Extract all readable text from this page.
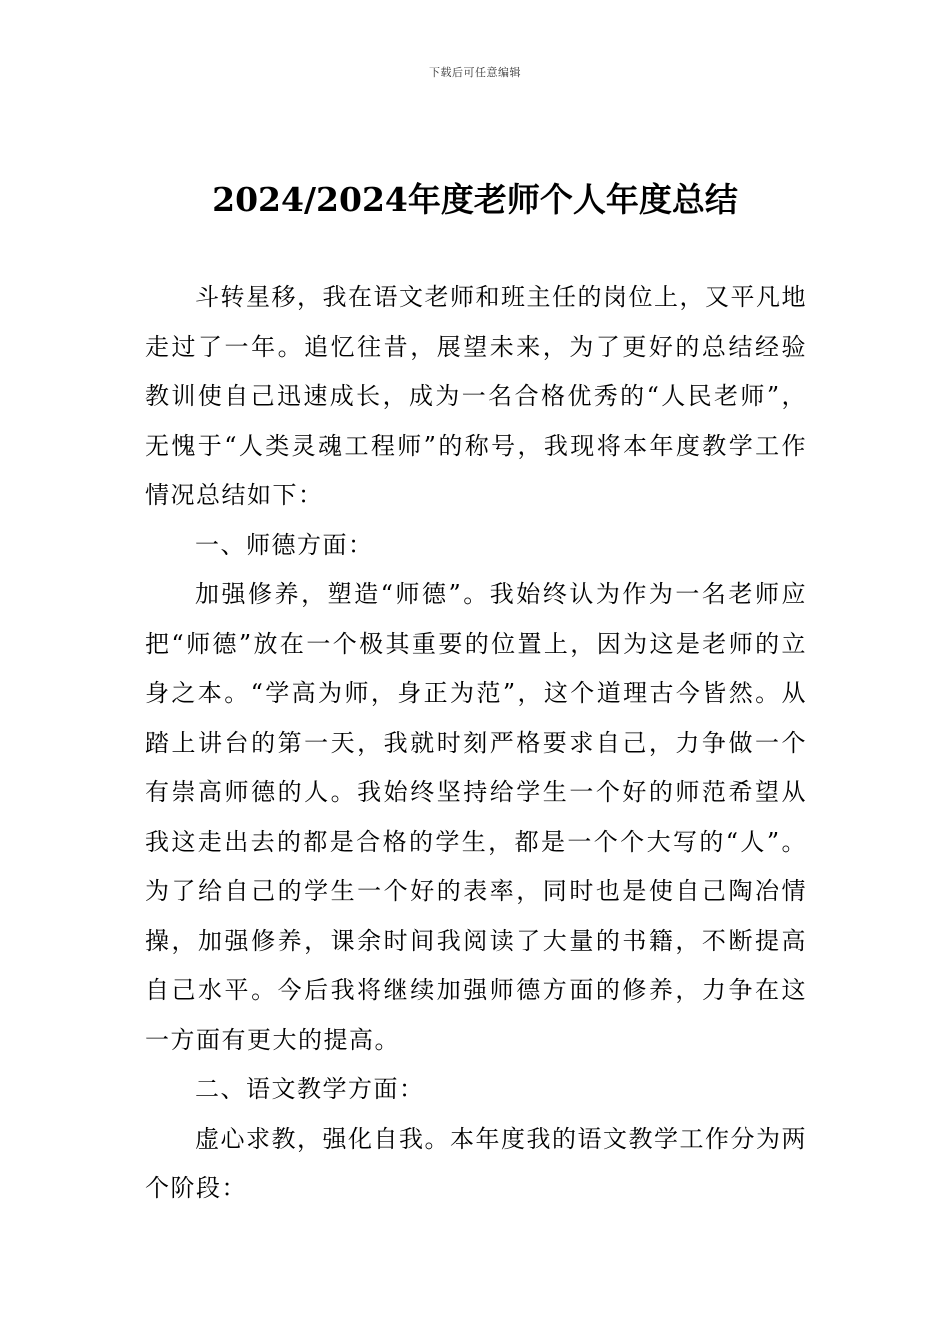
下载后可任意编辑
2024/2024年度老师个人年度总结

斗转星移，我在语文老师和班主任的岗位上，又平凡地走过了一年。追忆往昔，展望未来，为了更好的总结经验教训使自己迅速成长，成为一名合格优秀的“人民老师”，无愧于“人类灵魂工程师”的称号，我现将本年度教学工作情况总结如下：

一、师德方面：

加强修养，塑造“师德”。我始终认为作为一名老师应把“师德”放在一个极其重要的位置上，因为这是老师的立身之本。“学高为师，身正为范”，这个道理古今皆然。从踏上讲台的第一天，我就时刻严格要求自己，力争做一个有崇高师德的人。我始终坚持给学生一个好的师范希望从我这走出去的都是合格的学生，都是一个个大写的“人”。为了给自己的学生一个好的表率，同时也是使自己陶冶情操，加强修养，课余时间我阅读了大量的书籍，不断提高自己水平。今后我将继续加强师德方面的修养，力争在这一方面有更大的提高。

二、语文教学方面：

虚心求教，强化自我。本年度我的语文教学工作分为两个阶段：
